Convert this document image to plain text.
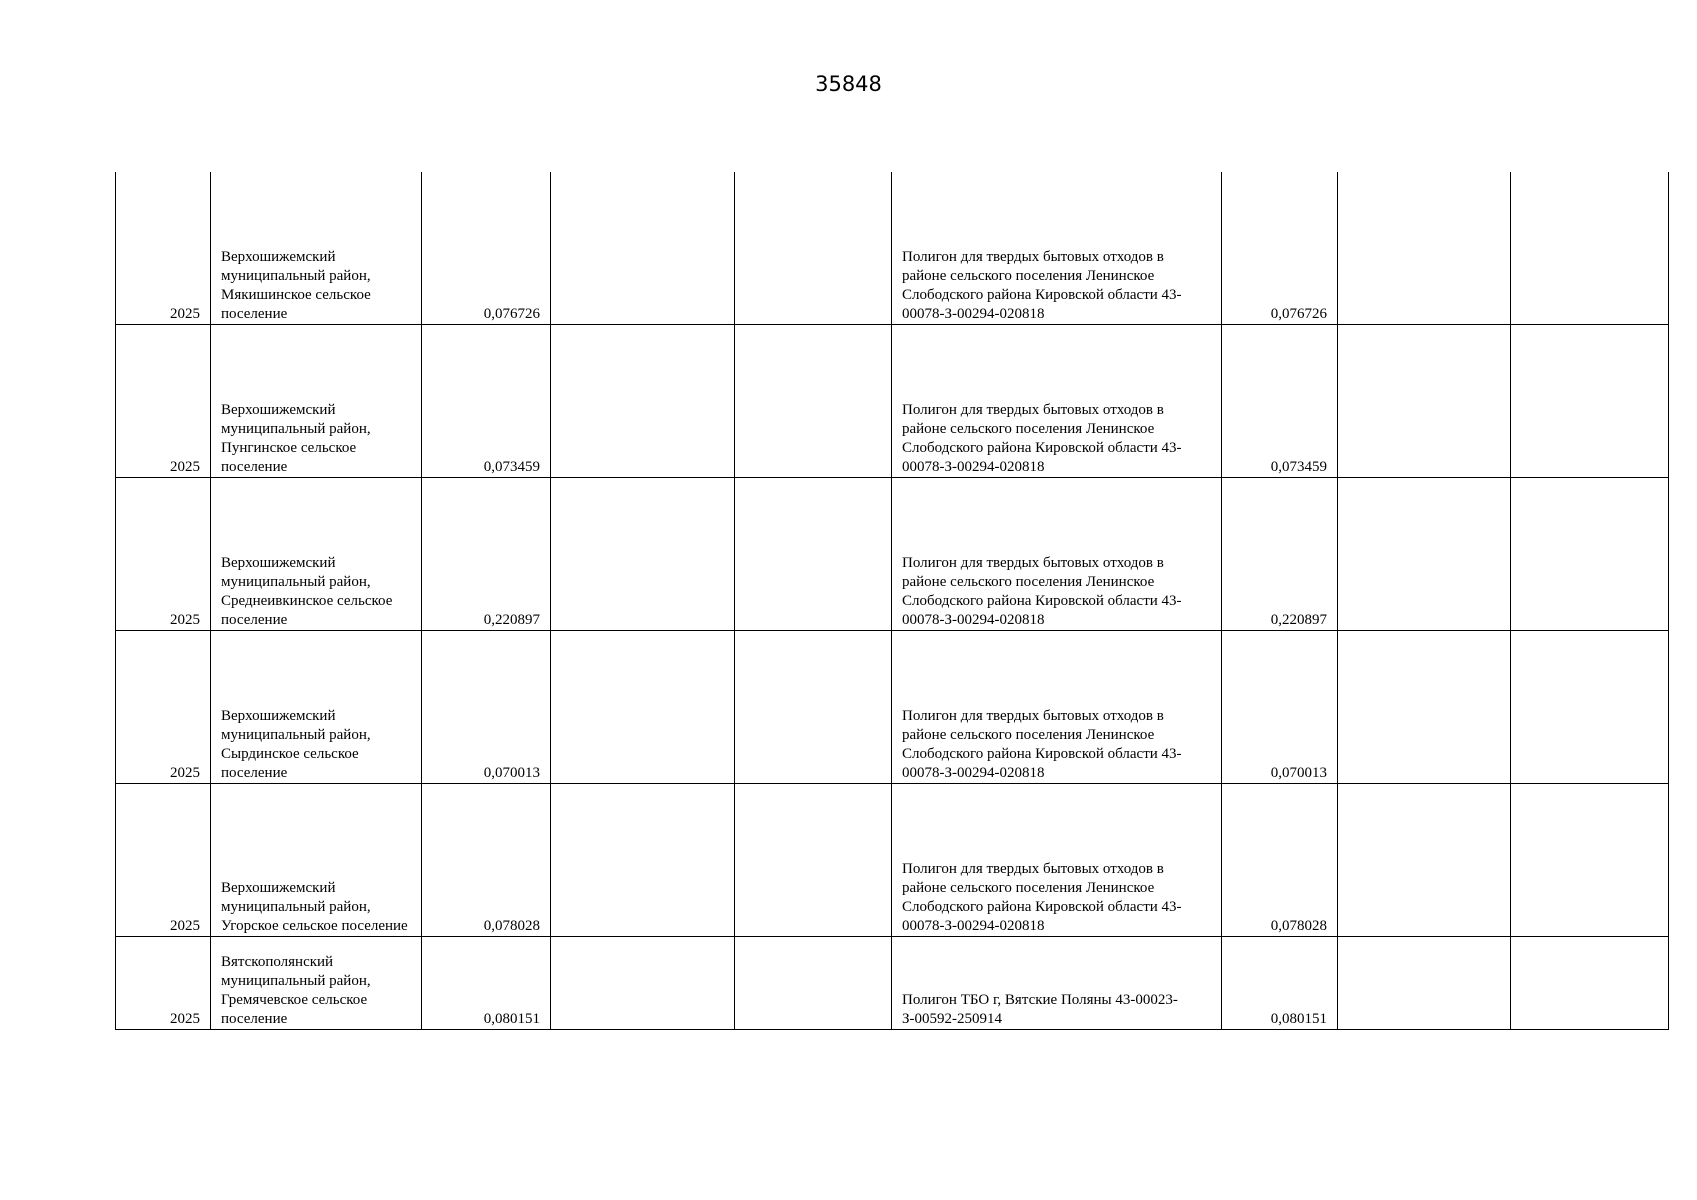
35848
2025	Верхошижемский муниципальный район, Мякишинское сельское поселение	0,076726			Полигон для твердых бытовых отходов в районе сельского поселения Ленинское Слободского района Кировской области 43-00078-З-00294-020818	0,076726		
2025	Верхошижемский муниципальный район, Пунгинское сельское поселение	0,073459			Полигон для твердых бытовых отходов в районе сельского поселения Ленинское Слободского района Кировской области 43-00078-З-00294-020818	0,073459		
2025	Верхошижемский муниципальный район, Среднеивкинское сельское поселение	0,220897			Полигон для твердых бытовых отходов в районе сельского поселения Ленинское Слободского района Кировской области 43-00078-З-00294-020818	0,220897		
2025	Верхошижемский муниципальный район, Сырдинское сельское поселение	0,070013			Полигон для твердых бытовых отходов в районе сельского поселения Ленинское Слободского района Кировской области 43-00078-З-00294-020818	0,070013		
2025	Верхошижемский муниципальный район, Угорское сельское поселение	0,078028			Полигон для твердых бытовых отходов в районе сельского поселения Ленинское Слободского района Кировской области 43-00078-З-00294-020818	0,078028		
2025	Вятскополянский муниципальный район, Гремячевское сельское поселение	0,080151			Полигон ТБО г, Вятские Поляны 43-00023-З-00592-250914	0,080151		
